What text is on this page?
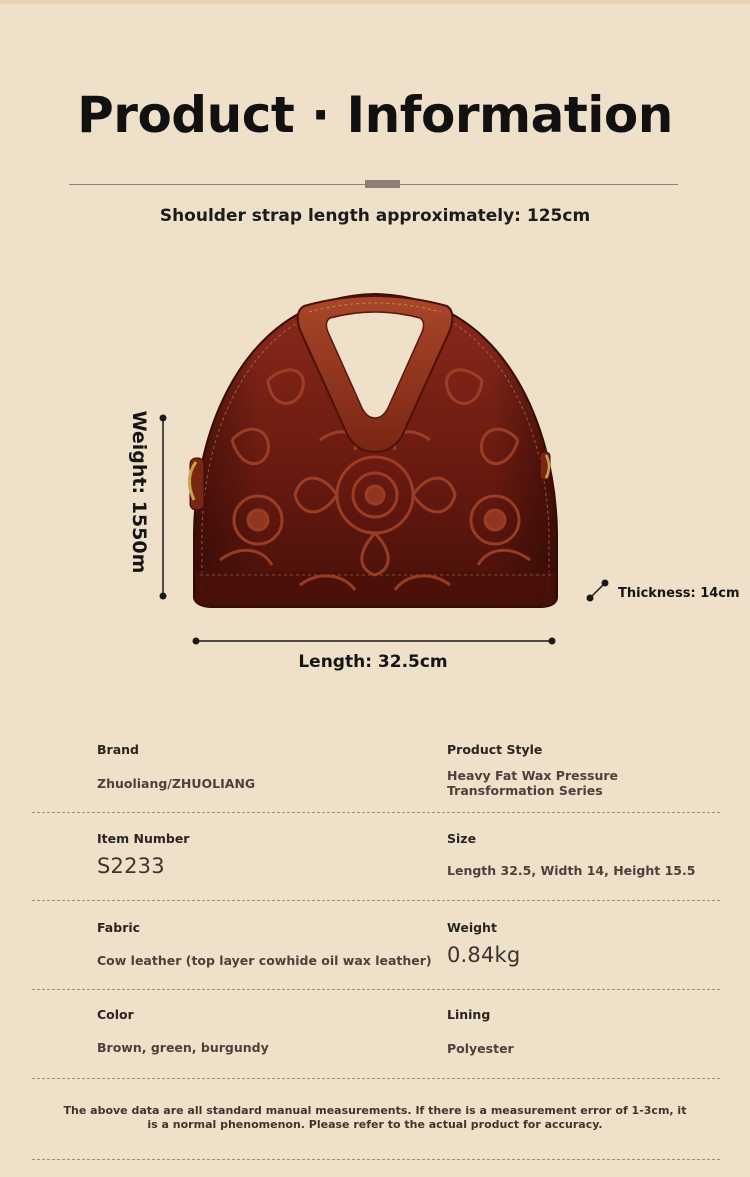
Product · Information
Shoulder strap length approximately: 125cm
Weight: 1550m
Length: 32.5cm
Thickness: 14cm
Brand
Zhuoliang/ZHUOLIANG
Product Style
Heavy Fat Wax Pressure Transformation Series
Item Number
S2233
Size
Length 32.5, Width 14, Height 15.5
Fabric
Cow leather (top layer cowhide oil wax leather)
Weight
0.84kg
Color
Brown, green, burgundy
Lining
Polyester
The above data are all standard manual measurements. If there is a measurement error of 1-3cm, it is a normal phenomenon. Please refer to the actual product for accuracy.
